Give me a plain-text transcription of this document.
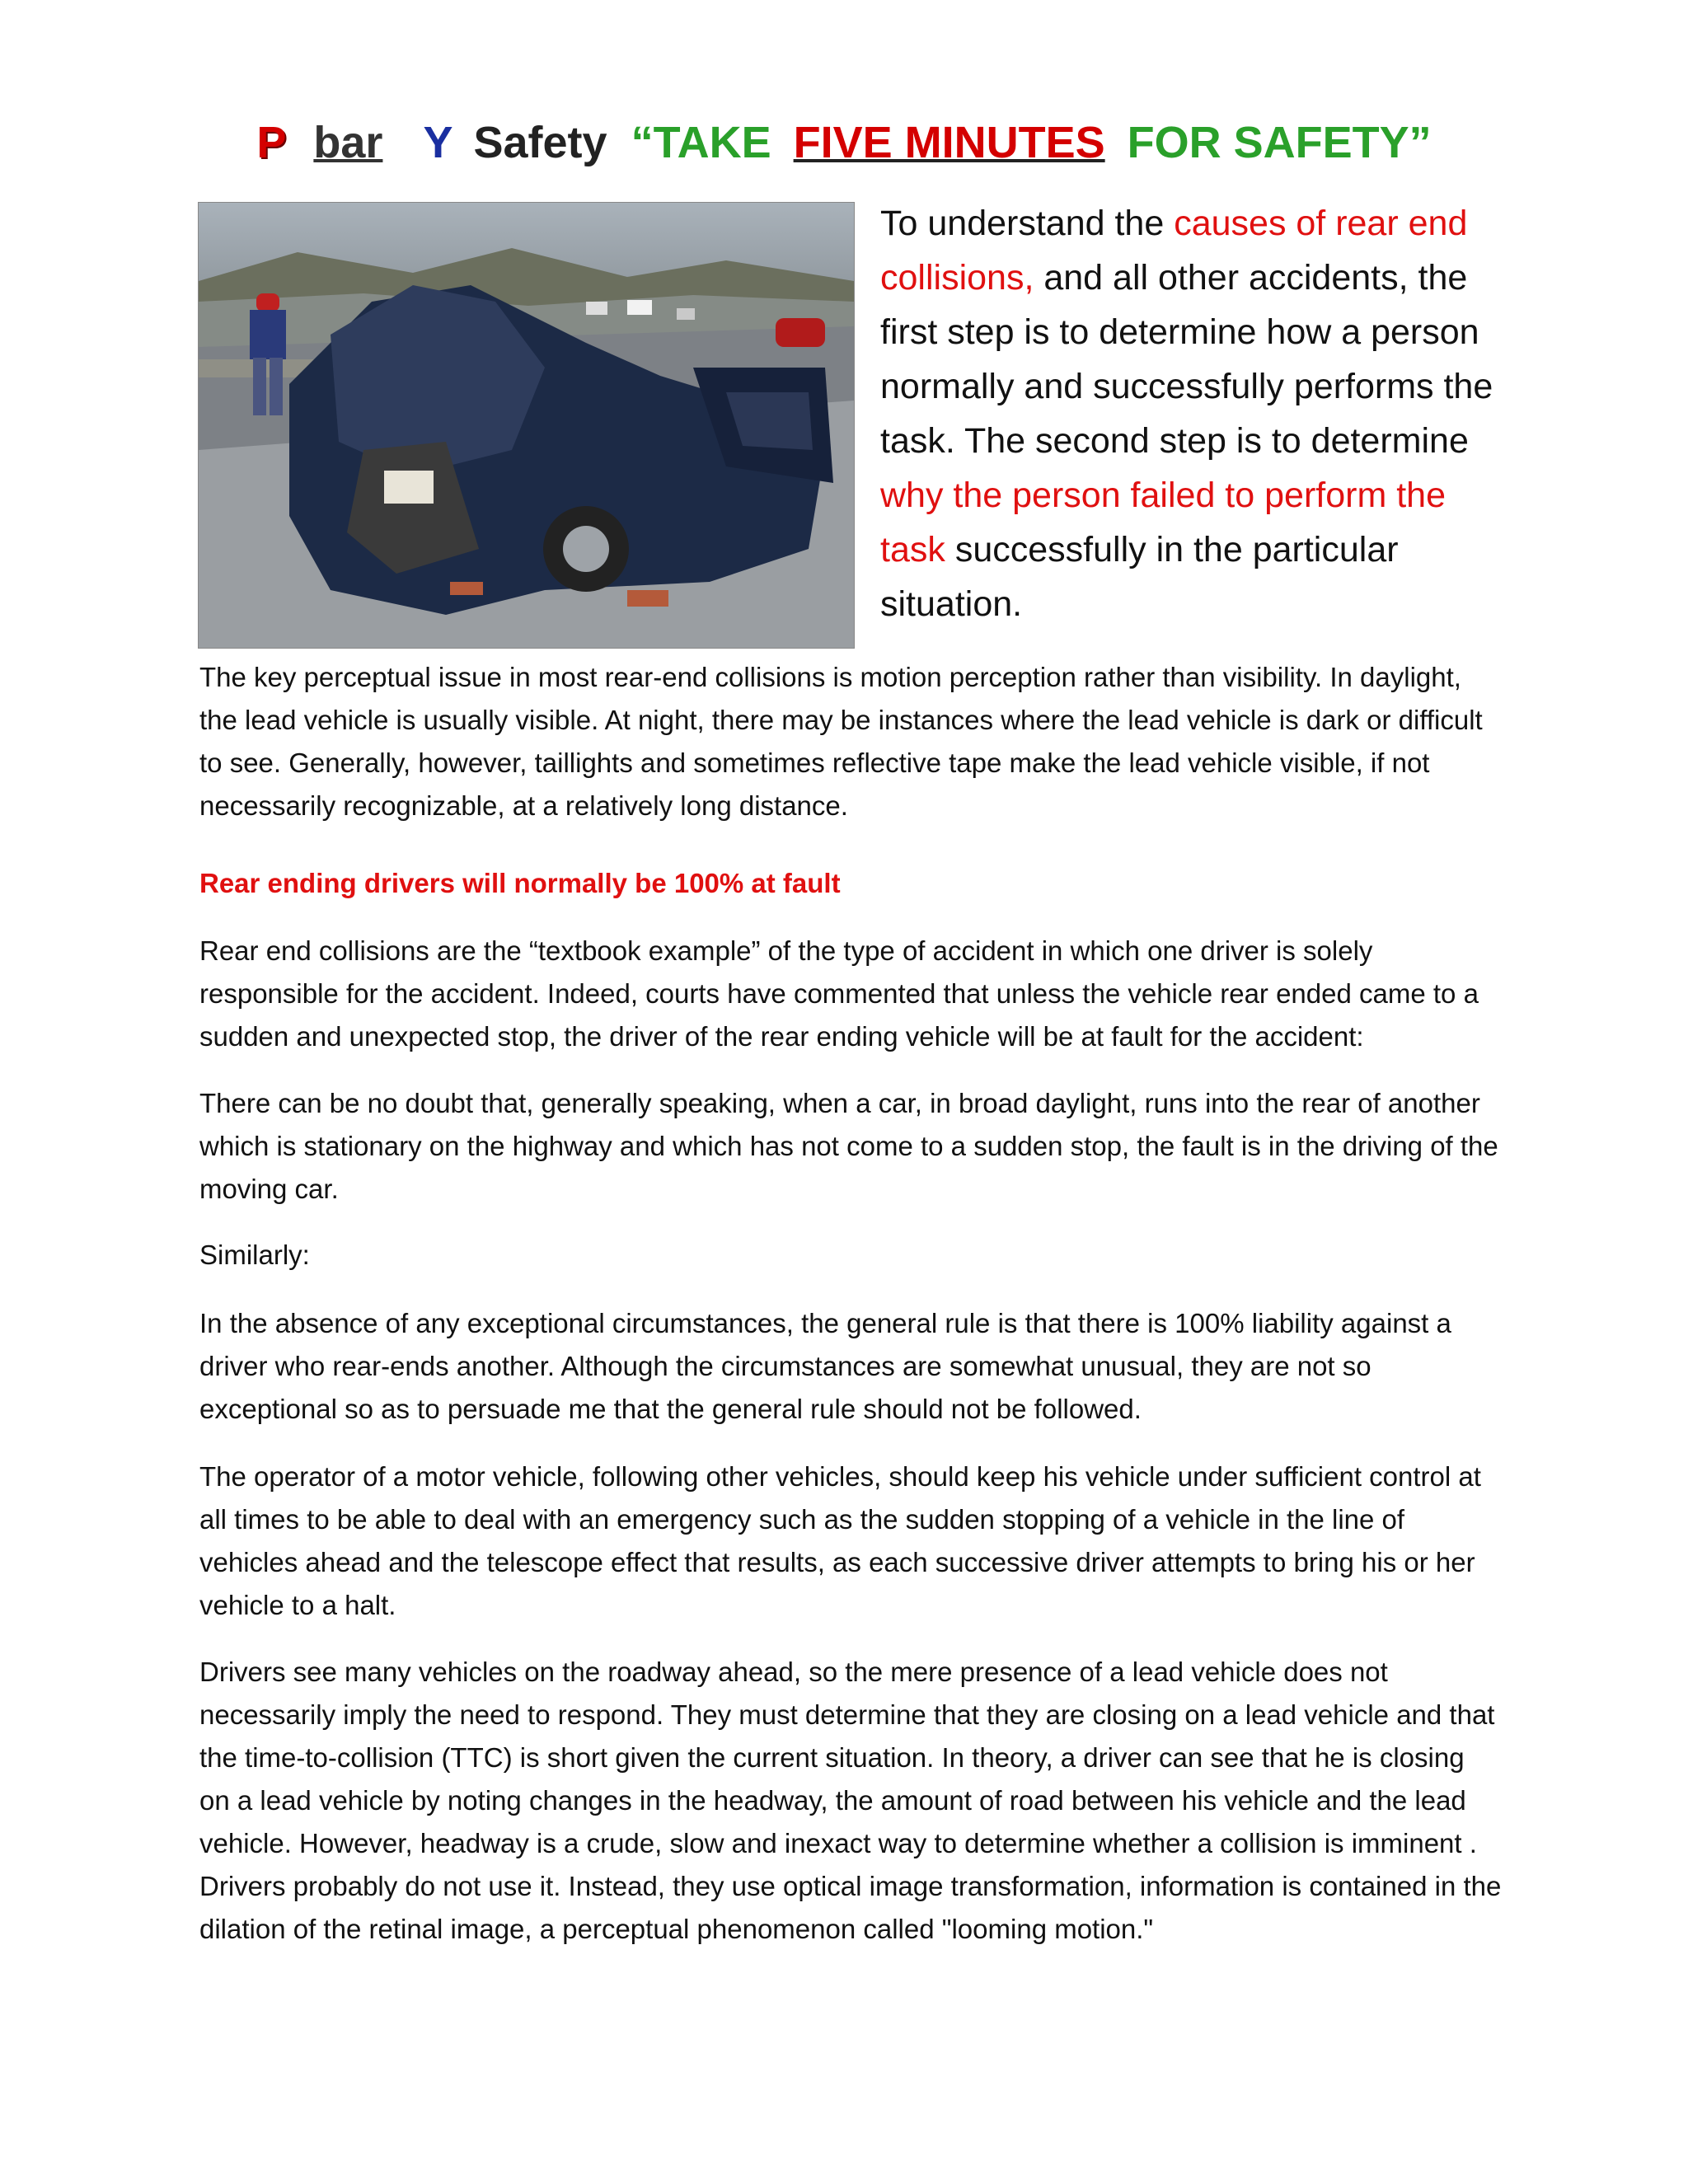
P bar Y Safety “TAKE FIVE MINUTES FOR SAFETY”
To understand the causes of rear end collisions, and all other accidents, the first step is to determine how a person normally and successfully performs the task. The second step is to determine why the person failed to perform the task successfully in the particular situation.

The key perceptual issue in most rear-end collisions is motion perception rather than visibility. In daylight, the lead vehicle is usually visible. At night, there may be instances where the lead vehicle is dark or difficult to see. Generally, however, taillights and sometimes reflective tape make the lead vehicle visible, if not necessarily recognizable, at a relatively long distance.

Rear ending drivers will normally be 100% at fault

Rear end collisions are the “textbook example” of the type of accident in which one driver is solely responsible for the accident. Indeed, courts have commented that unless the vehicle rear ended came to a sudden and unexpected stop, the driver of the rear ending vehicle will be at fault for the accident:

There can be no doubt that, generally speaking, when a car, in broad daylight, runs into the rear of another which is stationary on the highway and which has not come to a sudden stop, the fault is in the driving of the moving car.

Similarly:

In the absence of any exceptional circumstances, the general rule is that there is 100% liability against a driver who rear-ends another. Although the circumstances are somewhat unusual, they are not so exceptional so as to persuade me that the general rule should not be followed.

The operator of a motor vehicle, following other vehicles, should keep his vehicle under sufficient control at all times to be able to deal with an emergency such as the sudden stopping of a vehicle in the line of vehicles ahead and the telescope effect that results, as each successive driver attempts to bring his or her vehicle to a halt.

Drivers see many vehicles on the roadway ahead, so the mere presence of a lead vehicle does not necessarily imply the need to respond. They must determine that they are closing on a lead vehicle and that the time-to-collision (TTC) is short given the current situation. In theory, a driver can see that he is closing on a lead vehicle by noting changes in the headway, the amount of road between his vehicle and the lead vehicle. However, headway is a crude, slow and inexact way to determine whether a collision is imminent . Drivers probably do not use it. Instead, they use optical image transformation, information is contained in the dilation of the retinal image, a perceptual phenomenon called "looming motion."
